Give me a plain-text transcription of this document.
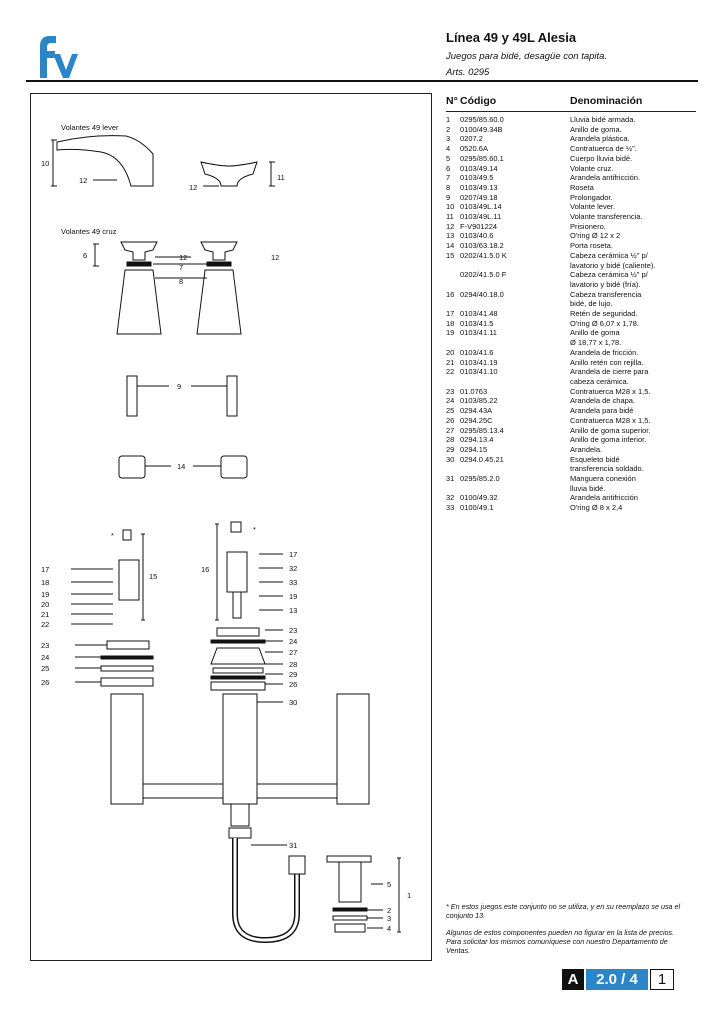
Línea 49 y 49L Alesia
Juegos para bidé, desagüe con tapita.
Arts. 0295
Volantes 49 lever
Volantes 49 cruz
10
12	11
12
6	12	12
7
8
9
14
*
*
15
17
18
19
20
21
22
16
17
32
33
19
13
23
24
25
26
23
24
27
28
29
26
30
31
5
1
2
3
4
N° Código	Denominación
1	0295/85.60.0	Lluvia bidé armada.
2	0100/49.34B	Anillo de goma.
3	0207.2	Arandela plástica.
4	0520.6A	Contratuerca de ½".
5	0295/85.60.1	Cuerpo lluvia bidé.
6	0103/49.14	Volante cruz.
7	0103/49.5	Arandela antifricción.
8	0103/49.13	Roseta
9	0207/49.18	Prolongador.
10 0103/49L.14	Volante lever.
11 0103/49L.11	Volante transferencia.
12 F-V901224	Prisionero.
13 0103/40.6	O'ring Ø 12 x 2
14 0103/63.18.2	Porta roseta.
15 0202/41.5.0 K	Cabeza cerámica ½" p/
lavatorio y bidé (caliente).
0202/41.5.0 F	Cabeza cerámica ½" p/
lavatorio y bidé (fría).
16 0294/40.18.0	Cabeza transferencia
bidé, de lujo.
17 0103/41.48	Retén de seguridad.
18 0103/41.5	O'ring Ø 6,07 x 1,78.
19 0103/41.11	Anillo de goma
Ø 18,77 x 1,78.
20 0103/41.6	Arandela de fricción.
21 0103/41.19	Anillo retén con rejilla.
22 0103/41.10	Arandela de cierre para
cabeza cerámica.
23 01.0763	Contratuerca M28 x 1,5.
24 0103/85.22	Arandela de chapa.
25 0294.43A	Arandela para bidé
26 0294.25C	Contratuerca M28 x 1,5.
27 0295/85.13.4	Anillo de goma superior.
28 0294.13.4	Anillo de goma inferior.
29 0294.15	Arandela.
30 0294.0.45.21	Esqueleto bidé
transferencia soldado.
31 0295/85.2.0	Manguera conexión
lluvia bidé.
32 0100/49.32	Arandela antifricción
33 0100/49.1	O'ring Ø 8 x 2,4
* En estos juegos este conjunto no se utiliza, y en su reemplazo se usa el conjunto 13.
Algunos de estos componentes pueden no figurar en la lista de precios. Para solicitar los mismos comuníquese con nuestro Departamento de Ventas.
A	2.0 / 4	1
